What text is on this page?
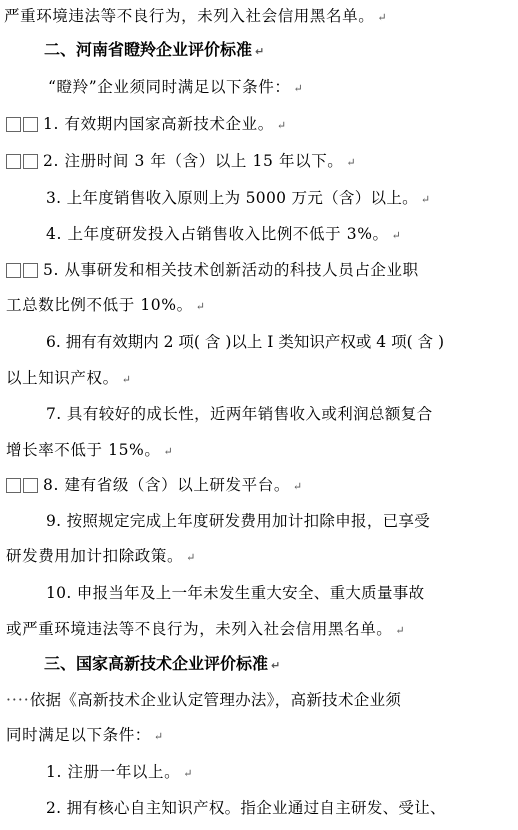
严重环境违法等不良行为，未列入社会信用黑名单。 ↵
二、河南省瞪羚企业评价标准 ↵
“瞪羚”企业须同时满足以下条件： ↵
1. 有效期内国家高新技术企业。 ↵
2. 注册时间 3 年（含）以上 15 年以下。 ↵
3. 上年度销售收入原则上为 5000 万元（含）以上。 ↵
4. 上年度研发投入占销售收入比例不低于 3%。 ↵
5. 从事研发和相关技术创新活动的科技人员占企业职
工总数比例不低于 10%。 ↵
6. 拥有有效期内 2 项( 含 )以上 I 类知识产权或 4 项( 含 )
以上知识产权。 ↵
7. 具有较好的成长性，近两年销售收入或利润总额复合
增长率不低于 15%。 ↵
8. 建有省级（含）以上研发平台。 ↵
9. 按照规定完成上年度研发费用加计扣除申报，已享受
研发费用加计扣除政策。 ↵
10. 申报当年及上一年未发生重大安全、重大质量事故
或严重环境违法等不良行为，未列入社会信用黑名单。 ↵
三、国家高新技术企业评价标准 ↵
····依据《高新技术企业认定管理办法》，高新技术企业须
同时满足以下条件： ↵
1. 注册一年以上。 ↵
2. 拥有核心自主知识产权。指企业通过自主研发、受让、
